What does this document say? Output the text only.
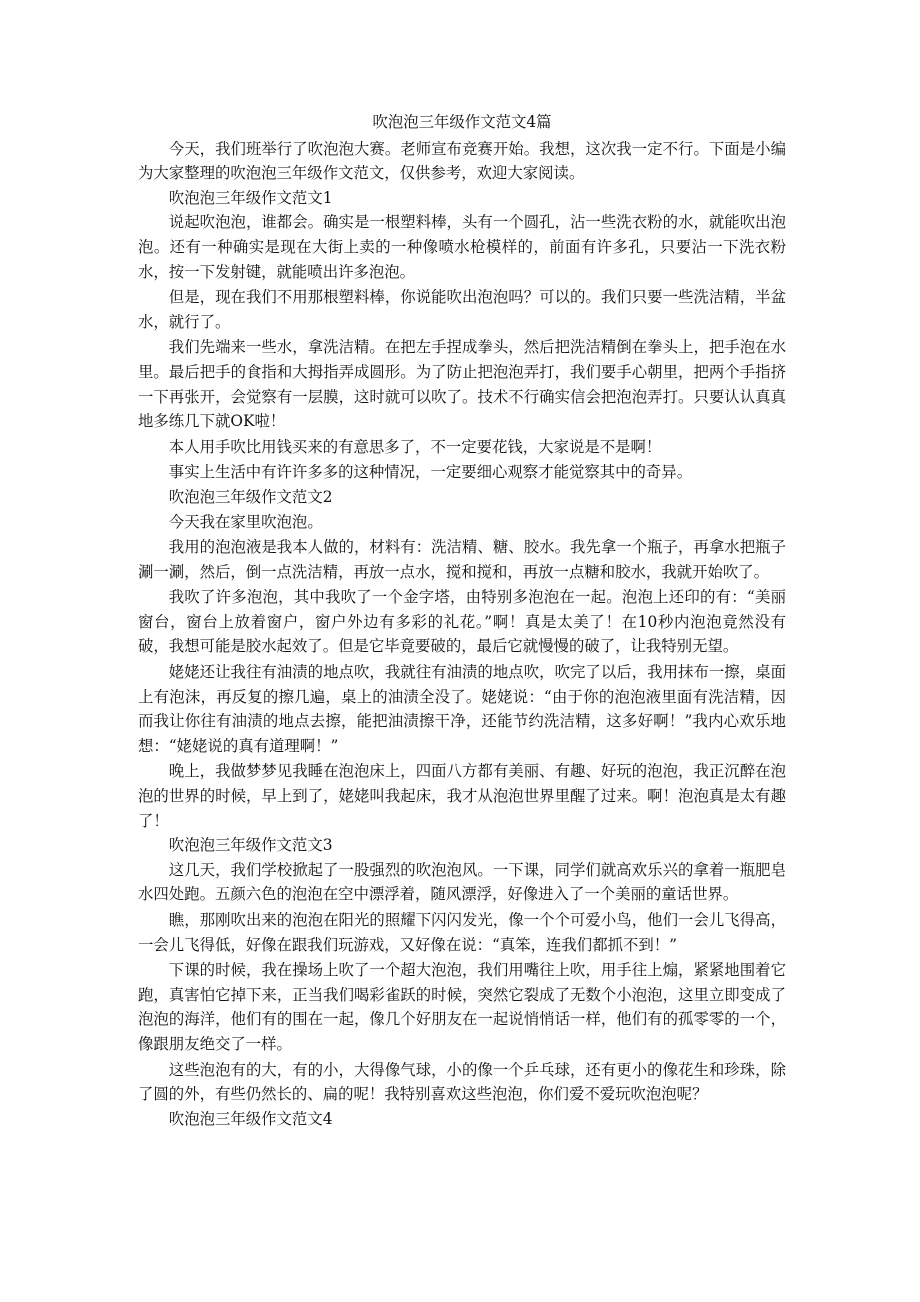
吹泡泡三年级作文范文4篇
今天，我们班举行了吹泡泡大赛。老师宣布竞赛开始。我想，这次我一定不行。下面是小编为大家整理的吹泡泡三年级作文范文，仅供参考，欢迎大家阅读。
吹泡泡三年级作文范文1
说起吹泡泡，谁都会。确实是一根塑料棒，头有一个圆孔，沾一些洗衣粉的水，就能吹出泡泡。还有一种确实是现在大街上卖的一种像喷水枪模样的，前面有许多孔，只要沾一下洗衣粉水，按一下发射键，就能喷出许多泡泡。
但是，现在我们不用那根塑料棒，你说能吹出泡泡吗？可以的。我们只要一些洗洁精，半盆水，就行了。
我们先端来一些水，拿洗洁精。在把左手捏成拳头，然后把洗洁精倒在拳头上，把手泡在水里。最后把手的食指和大拇指弄成圆形。为了防止把泡泡弄打，我们要手心朝里，把两个手指挤一下再张开，会觉察有一层膜，这时就可以吹了。技术不行确实信会把泡泡弄打。只要认认真真地多练几下就OK啦！
本人用手吹比用钱买来的有意思多了，不一定要花钱，大家说是不是啊！
事实上生活中有许许多多的这种情况，一定要细心观察才能觉察其中的奇异。
吹泡泡三年级作文范文2
今天我在家里吹泡泡。
我用的泡泡液是我本人做的，材料有：洗洁精、糖、胶水。我先拿一个瓶子，再拿水把瓶子涮一涮，然后，倒一点洗洁精，再放一点水，搅和搅和，再放一点糖和胶水，我就开始吹了。
我吹了许多泡泡，其中我吹了一个金字塔，由特别多泡泡在一起。泡泡上还印的有：“美丽窗台，窗台上放着窗户，窗户外边有多彩的礼花。”啊！真是太美了！在10秒内泡泡竟然没有破，我想可能是胶水起效了。但是它毕竟要破的，最后它就慢慢的破了，让我特别无望。
姥姥还让我往有油渍的地点吹，我就往有油渍的地点吹，吹完了以后，我用抹布一擦，桌面上有泡沫，再反复的擦几遍，桌上的油渍全没了。姥姥说：“由于你的泡泡液里面有洗洁精，因而我让你往有油渍的地点去擦，能把油渍擦干净，还能节约洗洁精，这多好啊！”我内心欢乐地想：“姥姥说的真有道理啊！”
晚上，我做梦梦见我睡在泡泡床上，四面八方都有美丽、有趣、好玩的泡泡，我正沉醉在泡泡的世界的时候，早上到了，姥姥叫我起床，我才从泡泡世界里醒了过来。啊！泡泡真是太有趣了！
吹泡泡三年级作文范文3
这几天，我们学校掀起了一股强烈的吹泡泡风。一下课，同学们就高欢乐兴的拿着一瓶肥皂水四处跑。五颜六色的泡泡在空中漂浮着，随风漂浮，好像进入了一个美丽的童话世界。
瞧，那刚吹出来的泡泡在阳光的照耀下闪闪发光，像一个个可爱小鸟，他们一会儿飞得高，一会儿飞得低，好像在跟我们玩游戏，又好像在说：“真笨，连我们都抓不到！”
下课的时候，我在操场上吹了一个超大泡泡，我们用嘴往上吹，用手往上煽，紧紧地围着它跑，真害怕它掉下来，正当我们喝彩雀跃的时候，突然它裂成了无数个小泡泡，这里立即变成了泡泡的海洋，他们有的围在一起，像几个好朋友在一起说悄悄话一样，他们有的孤零零的一个，像跟朋友绝交了一样。
这些泡泡有的大，有的小，大得像气球，小的像一个乒乓球，还有更小的像花生和珍珠，除了圆的外，有些仍然长的、扁的呢！我特别喜欢这些泡泡，你们爱不爱玩吹泡泡呢？
吹泡泡三年级作文范文4
